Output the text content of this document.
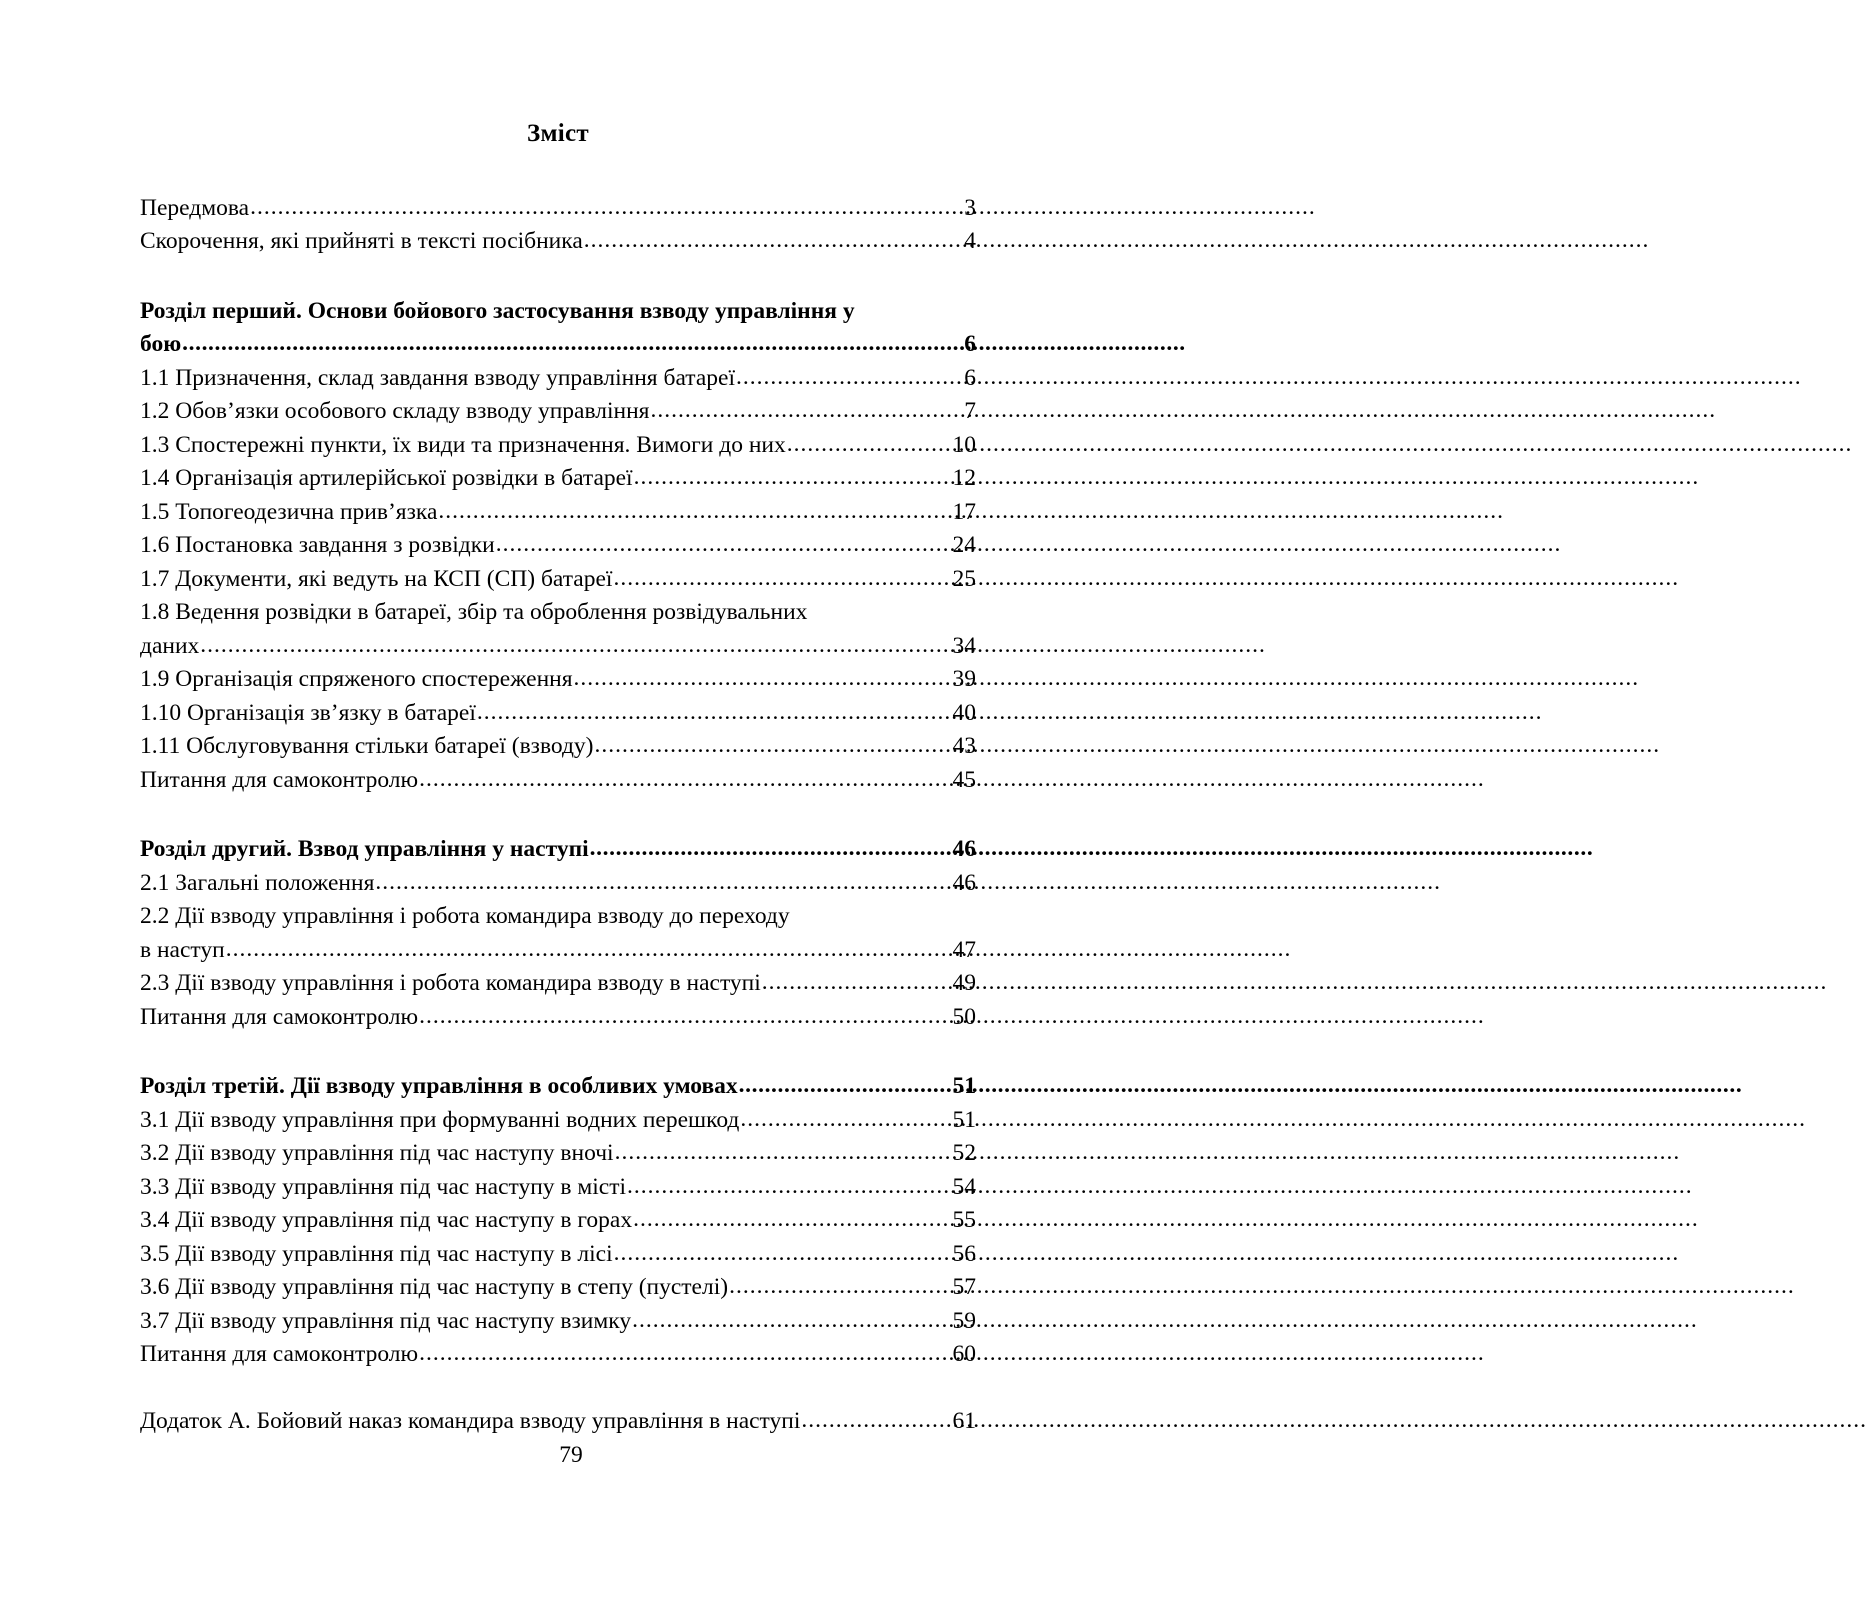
Зміст
Передмова .....	3
Скорочення, які прийняті в тексті посібника .....	4
Розділ перший. Основи бойового застосування взводу управління у
бою .....	6
1.1 Призначення, склад завдання взводу управління батареї .....	6
1.2 Обов’язки особового складу взводу управління .....	7
1.3 Спостережні пункти, їх види та призначення. Вимоги до них .....	10
1.4 Організація артилерійської розвідки в батареї .....	12
1.5 Топогеодезична прив’язка .....	17
1.6 Постановка завдання з розвідки .....	24
1.7 Документи, які ведуть на КСП (СП) батареї .....	25
1.8 Ведення розвідки в батареї, збір та оброблення розвідувальних
даних .....	34
1.9 Організація спряженого спостереження .....	39
1.10 Організація зв’язку в батареї .....	40
1.11 Обслуговування стільки батареї (взводу) .....	43
Питання для самоконтролю .....	45
Розділ другий. Взвод управління у наступі .....	46
2.1 Загальні положення .....	46
2.2 Дії взводу управління і робота командира взводу до переходу
в наступ .....	47
2.3 Дії взводу управління і робота командира взводу в наступі .....	49
Питання для самоконтролю .....	50
Розділ третій. Дії взводу управління в особливих умовах .....	51
3.1 Дії взводу управління при формуванні водних перешкод .....	51
3.2 Дії взводу управління під час наступу вночі .....	52
3.3 Дії взводу управління під час наступу в місті .....	54
3.4 Дії взводу управління під час наступу в горах .....	55
3.5 Дії взводу управління під час наступу в лісі .....	56
3.6 Дії взводу управління під час наступу в степу (пустелі) .....	57
3.7 Дії взводу управління під час наступу взимку .....	59
Питання для самоконтролю .....	60
Додаток А. Бойовий наказ командира взводу управління в наступі .....	61
79
